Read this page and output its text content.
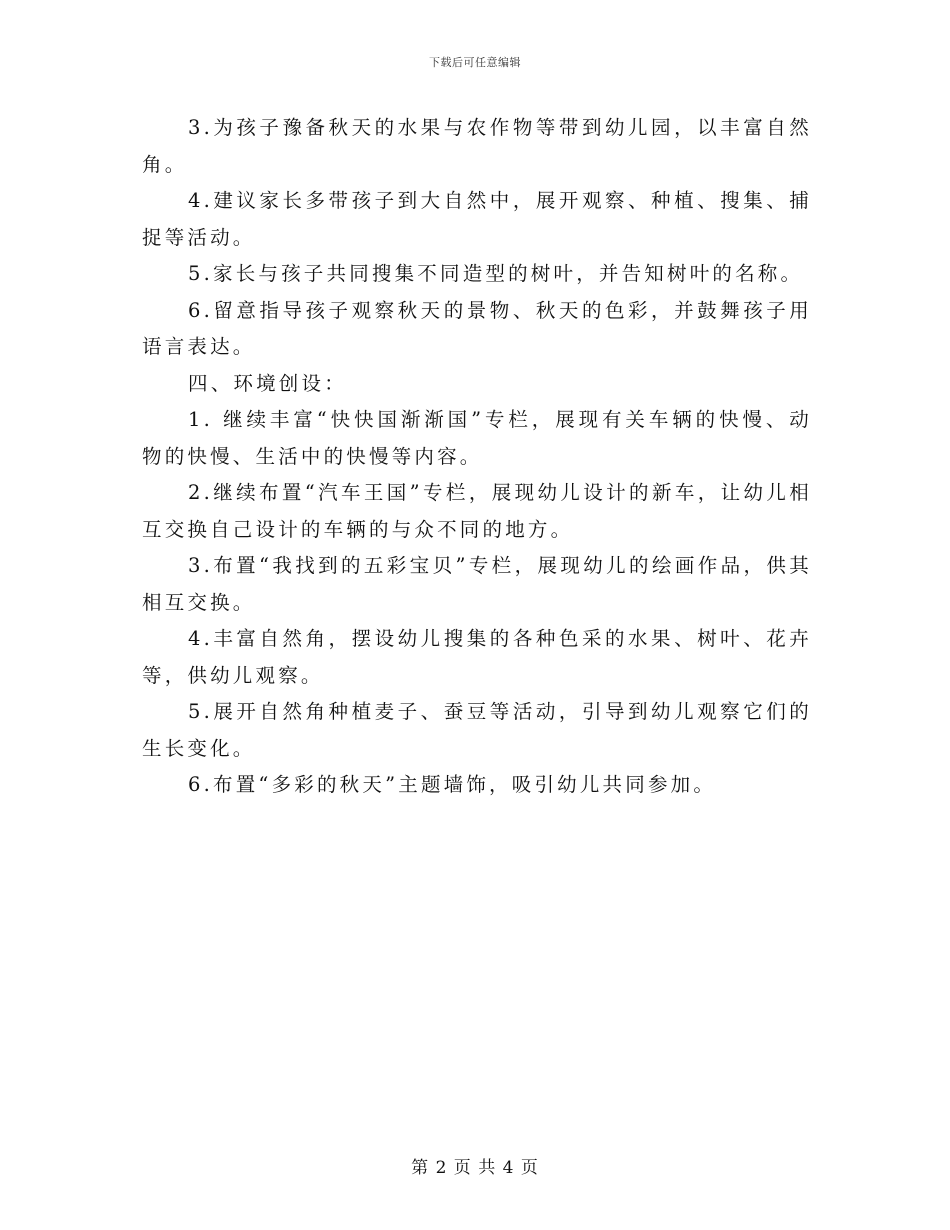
下载后可任意编辑

3.为孩子豫备秋天的水果与农作物等带到幼儿园，以丰富自然角。

4.建议家长多带孩子到大自然中，展开观察、种植、搜集、捕捉等活动。

5.家长与孩子共同搜集不同造型的树叶，并告知树叶的名称。

6.留意指导孩子观察秋天的景物、秋天的色彩，并鼓舞孩子用语言表达。

四、环境创设：

1. 继续丰富“快快国渐渐国”专栏，展现有关车辆的快慢、动物的快慢、生活中的快慢等内容。

2.继续布置“汽车王国”专栏，展现幼儿设计的新车，让幼儿相互交换自己设计的车辆的与众不同的地方。

3.布置“我找到的五彩宝贝”专栏，展现幼儿的绘画作品，供其相互交换。

4.丰富自然角，摆设幼儿搜集的各种色采的水果、树叶、花卉等，供幼儿观察。

5.展开自然角种植麦子、蚕豆等活动，引导到幼儿观察它们的生长变化。

6.布置“多彩的秋天”主题墙饰，吸引幼儿共同参加。

第 2 页 共 4 页
